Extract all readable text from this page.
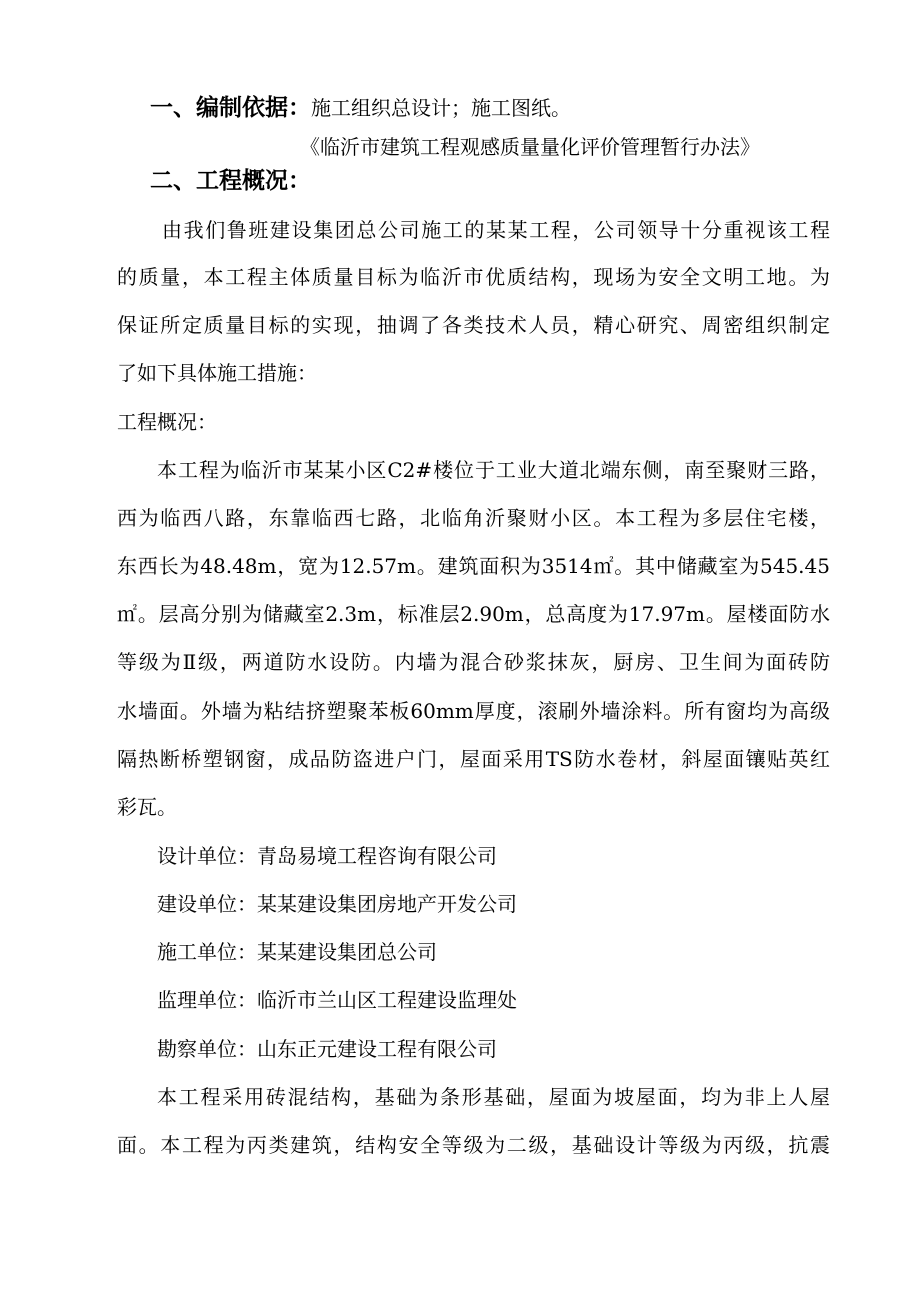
一、编制依据：施工组织总设计；施工图纸。
《临沂市建筑工程观感质量量化评价管理暂行办法》
二、工程概况：
由我们鲁班建设集团总公司施工的某某工程，公司领导十分重视该工程
的质量，本工程主体质量目标为临沂市优质结构，现场为安全文明工地。为
保证所定质量目标的实现，抽调了各类技术人员，精心研究、周密组织制定
了如下具体施工措施：
工程概况：
本工程为临沂市某某小区C2#楼位于工业大道北端东侧，南至聚财三路，
西为临西八路，东靠临西七路，北临角沂聚财小区。本工程为多层住宅楼，
东西长为48.48m，宽为12.57m。建筑面积为3514㎡。其中储藏室为545.45
㎡。层高分别为储藏室2.3m，标准层2.90m，总高度为17.97m。屋楼面防水
等级为Ⅱ级，两道防水设防。内墙为混合砂浆抹灰，厨房、卫生间为面砖防
水墙面。外墙为粘结挤塑聚苯板60mm厚度，滚刷外墙涂料。所有窗均为高级
隔热断桥塑钢窗，成品防盗进户门，屋面采用TS防水卷材，斜屋面镶贴英红
彩瓦。
设计单位：青岛易境工程咨询有限公司
建设单位：某某建设集团房地产开发公司
施工单位：某某建设集团总公司
监理单位：临沂市兰山区工程建设监理处
勘察单位：山东正元建设工程有限公司
本工程采用砖混结构，基础为条形基础，屋面为坡屋面，均为非上人屋
面。本工程为丙类建筑，结构安全等级为二级，基础设计等级为丙级，抗震
